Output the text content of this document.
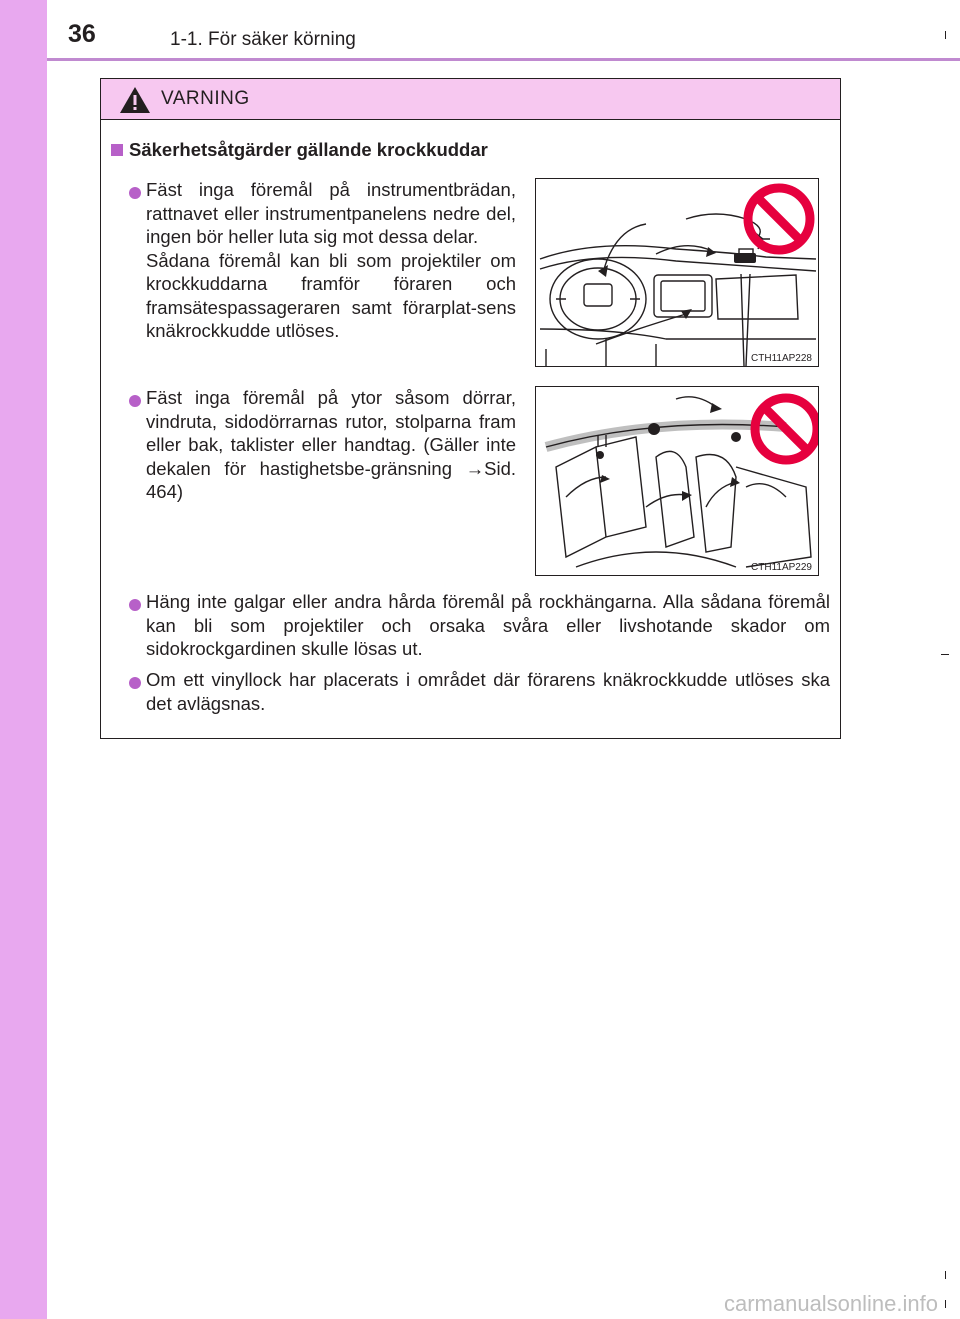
36	1-1. För säker körning
VARNING
Säkerhetsåtgärder gällande krockkuddar
Fäst inga föremål på instrumentbrädan, rattnavet eller instrumentpanelens nedre del, ingen bör heller luta sig mot dessa delar.
Sådana föremål kan bli som projektiler om krockkuddarna framför föraren och framsätespassageraren samt förarplat-sens knäkrockkudde utlöses.
CTH11AP228
Fäst inga föremål på ytor såsom dörrar, vindruta, sidodörrarnas rutor, stolparna fram eller bak, taklister eller handtag. (Gäller inte dekalen för hastighetsbe-gränsning →Sid. 464)
CTH11AP229
Häng inte galgar eller andra hårda föremål på rockhängarna. Alla sådana föremål kan bli som projektiler och orsaka svåra eller livshotande skador om sidokrockgardinen skulle lösas ut.
Om ett vinyllock har placerats i området där förarens knäkrockkudde utlöses ska det avlägsnas.
carmanualsonline.info
